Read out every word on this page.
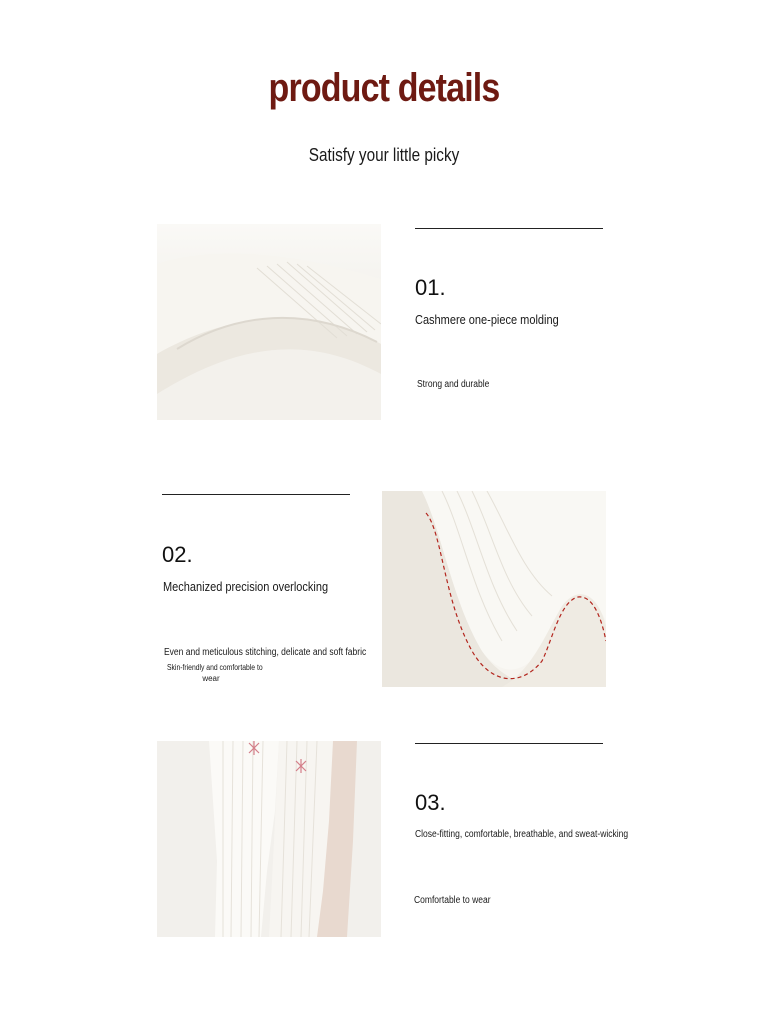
product details
Satisfy your little picky
01.
Cashmere one-piece molding
Strong and durable
02.
Mechanized precision overlocking
Even and meticulous stitching, delicate and soft fabric
Skin-friendly and comfortable to
wear
03.
Close-fitting, comfortable, breathable, and sweat-wicking
Comfortable to wear
